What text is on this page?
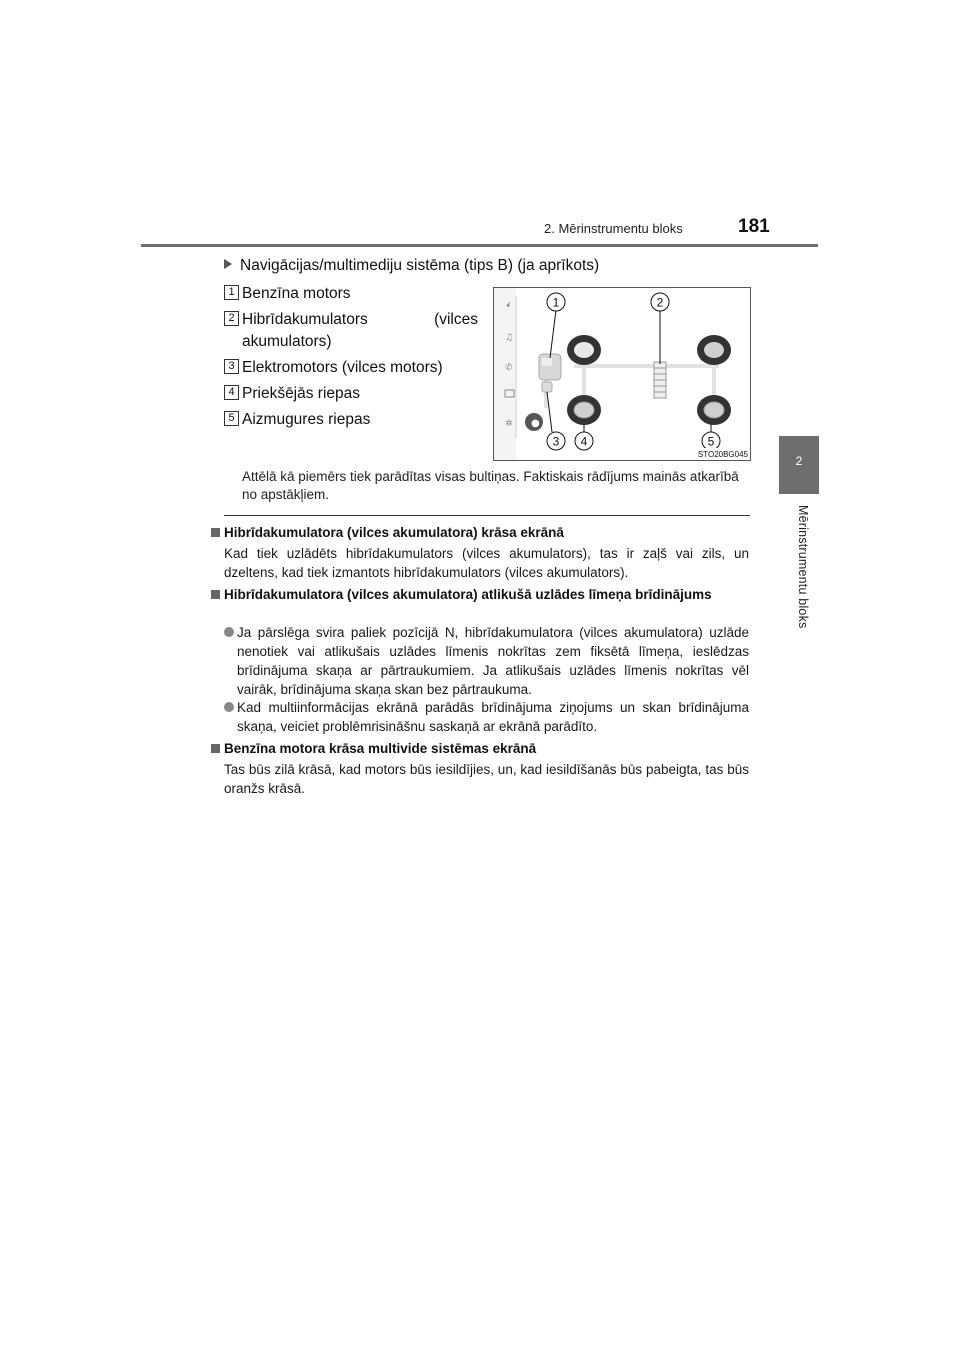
2. Mērinstrumentu bloks	181
2
Mērinstrumentu bloks
Navigācijas/multimediju sistēma (tips B) (ja aprīkots)
1 Benzīna motors
2 Hibrīdakumulators (vilces akumulators)
3 Elektromotors (vilces motors)
4 Priekšējās riepas
5 Aizmugures riepas
♫
✆
✲ ●
1	2
3 4	5
STO20BG045
Attēlā kā piemērs tiek parādītas visas bultiņas. Faktiskais rādījums mainās atkarībā no apstākļiem.
Hibrīdakumulatora (vilces akumulatora) krāsa ekrānā
Kad tiek uzlādēts hibrīdakumulators (vilces akumulators), tas ir zaļš vai zils, un dzeltens, kad tiek izmantots hibrīdakumulators (vilces akumulators).
Hibrīdakumulatora (vilces akumulatora) atlikušā uzlādes līmeņa brīdinājums
Ja pārslēga svira paliek pozīcijā N, hibrīdakumulatora (vilces akumulatora) uzlāde nenotiek vai atlikušais uzlādes līmenis nokrītas zem fiksētā līmeņa, ieslēdzas brīdinājuma skaņa ar pārtraukumiem. Ja atlikušais uzlādes līmenis nokrītas vēl vairāk, brīdinājuma skaņa skan bez pārtraukuma.
Kad multiinformācijas ekrānā parādās brīdinājuma ziņojums un skan brīdinājuma skaņa, veiciet problēmrisināšnu saskaņā ar ekrānā parādīto.
Benzīna motora krāsa multivide sistēmas ekrānā
Tas būs zilā krāsā, kad motors būs iesildījies, un, kad iesildīšanās būs pabeigta, tas būs oranžs krāsā.
